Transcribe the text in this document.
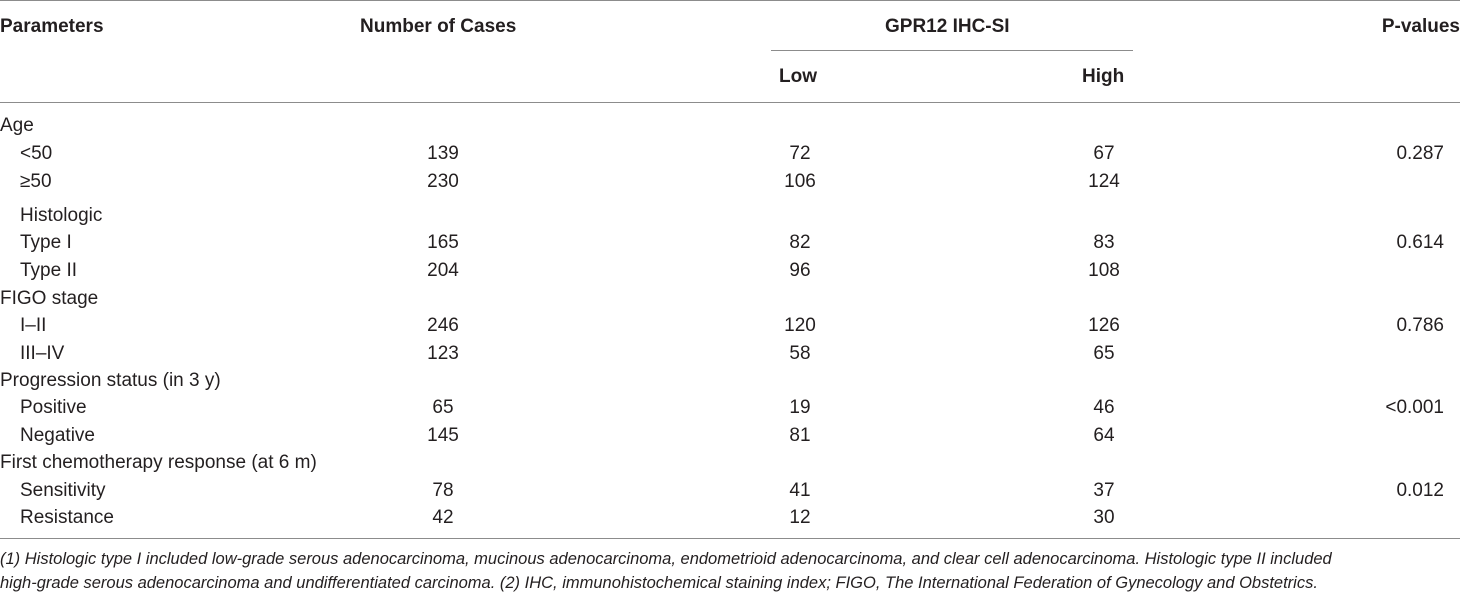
Parameters	Number of Cases	GPR12 IHC-SI	P-values
Low	High
Age
<50	139	72	67	0.287
≥50	230	106	124
Histologic
Type I	165	82	83	0.614
Type II	204	96	108
FIGO stage
I–II	246	120	126	0.786
III–IV	123	58	65
Progression status (in 3 y)
Positive	65	19	46	<0.001
Negative	145	81	64
First chemotherapy response (at 6 m)
Sensitivity	78	41	37	0.012
Resistance	42	12	30
(1) Histologic type I included low-grade serous adenocarcinoma, mucinous adenocarcinoma, endometrioid adenocarcinoma, and clear cell adenocarcinoma. Histologic type II included
high-grade serous adenocarcinoma and undifferentiated carcinoma. (2) IHC, immunohistochemical staining index; FIGO, The International Federation of Gynecology and Obstetrics.
